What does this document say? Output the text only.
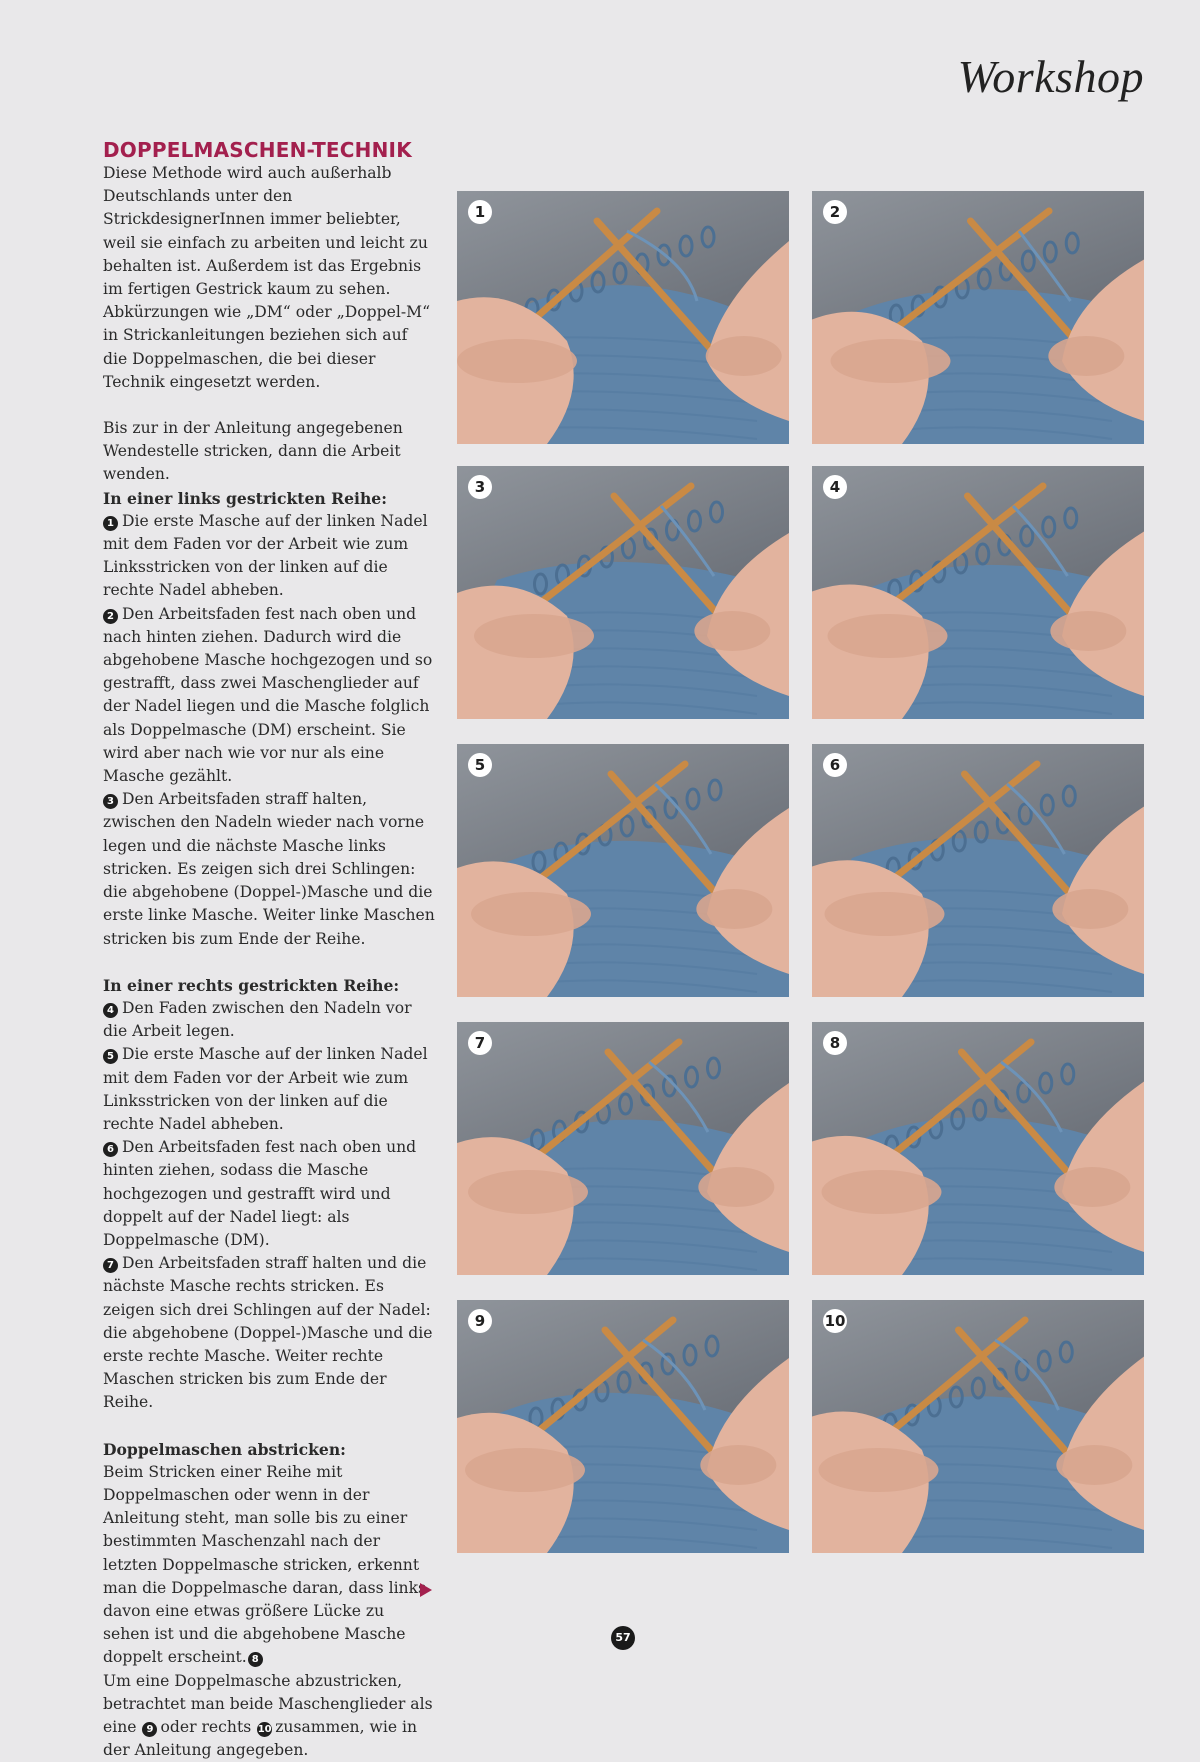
Workshop
DOPPELMASCHEN-TECHNIK

Diese Methode wird auch außerhalb Deutschlands unter den StrickdesignerInnen immer beliebter, weil sie einfach zu arbeiten und leicht zu behalten ist. Außerdem ist das Ergebnis im fertigen Gestrick kaum zu sehen. Abkürzungen wie „DM“ oder „Doppel-M“ in Strickanleitungen beziehen sich auf die Doppelmaschen, die bei dieser Technik eingesetzt werden.

Bis zur in der Anleitung angegebenen Wendestelle stricken, dann die Arbeit wenden.

In einer links gestrickten Reihe:

1 Die erste Masche auf der linken Nadel mit dem Faden vor der Arbeit wie zum Linksstricken von der linken auf die rechte Nadel abheben.

2 Den Arbeitsfaden fest nach oben und nach hinten ziehen. Dadurch wird die abgehobene Masche hochgezogen und so gestrafft, dass zwei Maschenglieder auf der Nadel liegen und die Masche folglich als Doppelmasche (DM) erscheint. Sie wird aber nach wie vor nur als eine Masche gezählt.

3 Den Arbeitsfaden straff halten, zwischen den Nadeln wieder nach vorne legen und die nächste Masche links stricken. Es zeigen sich drei Schlingen: die abgehobene (Doppel-)Masche und die erste linke Masche. Weiter linke Maschen stricken bis zum Ende der Reihe.

In einer rechts gestrickten Reihe:

4 Den Faden zwischen den Nadeln vor die Arbeit legen.

5 Die erste Masche auf der linken Nadel mit dem Faden vor der Arbeit wie zum Linksstricken von der linken auf die rechte Nadel abheben.

6 Den Arbeitsfaden fest nach oben und hinten ziehen, sodass die Masche hochgezogen und gestrafft wird und doppelt auf der Nadel liegt: als Doppelmasche (DM).

7 Den Arbeitsfaden straff halten und die nächste Masche rechts stricken. Es zeigen sich drei Schlingen auf der Nadel: die abgehobene (Doppel-)Masche und die erste rechte Masche. Weiter rechte Maschen stricken bis zum Ende der Reihe.

Doppelmaschen abstricken:

Beim Stricken einer Reihe mit Doppelmaschen oder wenn in der Anleitung steht, man solle bis zu einer bestimmten Maschenzahl nach der letzten Doppelmasche stricken, erkennt man die Doppelmasche daran, dass links davon eine etwas größere Lücke zu sehen ist und die abgehobene Masche doppelt erscheint. 8

Um eine Doppelmasche abzustricken, betrachtet man beide Maschenglieder als eine 9 oder rechts 10 zusammen, wie in der Anleitung angegeben.

1	2
3	4
5	6
7	8
9	10
57
